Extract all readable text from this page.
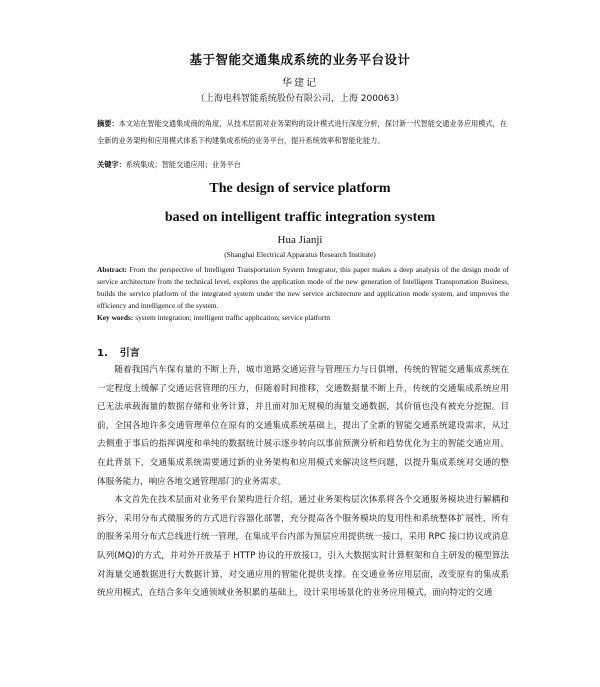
基于智能交通集成系统的业务平台设计
华建记
（上海电科智能系统股份有限公司，上海 200063）
摘要：本文站在智能交通集成商的角度，从技术层面对业务架构的设计模式进行深度分析，探讨新一代智能交通业务应用模式，在全新的业务架构和应用模式体系下构建集成系统的业务平台，提升系统效率和智能化能力。
关键字：系统集成；智能交通应用；业务平台
The design of service platform
based on intelligent traffic integration system
Hua Jianji
(Shanghai Electrical Apparatus Research Institute)
Abstract: From the perspective of Intelligent Transportation System Integrator, this paper makes a deep analysis of the design mode of service architecture from the technical level, explores the application mode of the new generation of Intelligent Transportation Business, builds the service platform of the integrated system under the new service architecture and application mode system, and improves the efficiency and intelligence of the system.
Key words: system integration; intelligent traffic application; service platform
1. 引言

随着我国汽车保有量的不断上升，城市道路交通运营与管理压力与日俱增，传统的智能交通集成系统在一定程度上缓解了交通运营管理的压力，但随着时间推移，交通数据量不断上升，传统的交通集成系统应用已无法承载海量的数据存储和业务计算，并且面对加无规模的海量交通数据，其价值也没有被充分挖掘。目前，全国各地许多交通管理单位在原有的交通集成系统基础上，提出了全新的智能交通系统建设需求，从过去侧重于事后的指挥调度和单纯的数据统计展示逐步转向以事前预测分析和趋势优化为主的智能交通应用。在此背景下，交通集成系统需要通过新的业务架构和应用模式来解决这些问题，以提升集成系统对交通的整体服务能力，响应各地交通管理部门的业务需求。

本文首先在技术层面对业务平台架构进行介绍，通过业务架构层次体系将各个交通服务模块进行解耦和拆分，采用分布式微服务的方式进行容器化部署，充分提高各个服务模块的复用性和系统整体扩展性，所有的服务采用分布式总线进行统一管理，在集成平台内部为预层应用提供统一接口，采用 RPC 接口协议或消息队列(MQ)的方式，并对外开放基于 HTTP 协议的开放接口，引入大数据实时计算框架和自主研发的模型算法对海量交通数据进行大数据计算，对交通应用的智能化提供支撑。在交通业务应用层面，改变原有的集成系统应用模式，在结合多年交通领域业务积累的基础上，设计采用场景化的业务应用模式，面向特定的交通
